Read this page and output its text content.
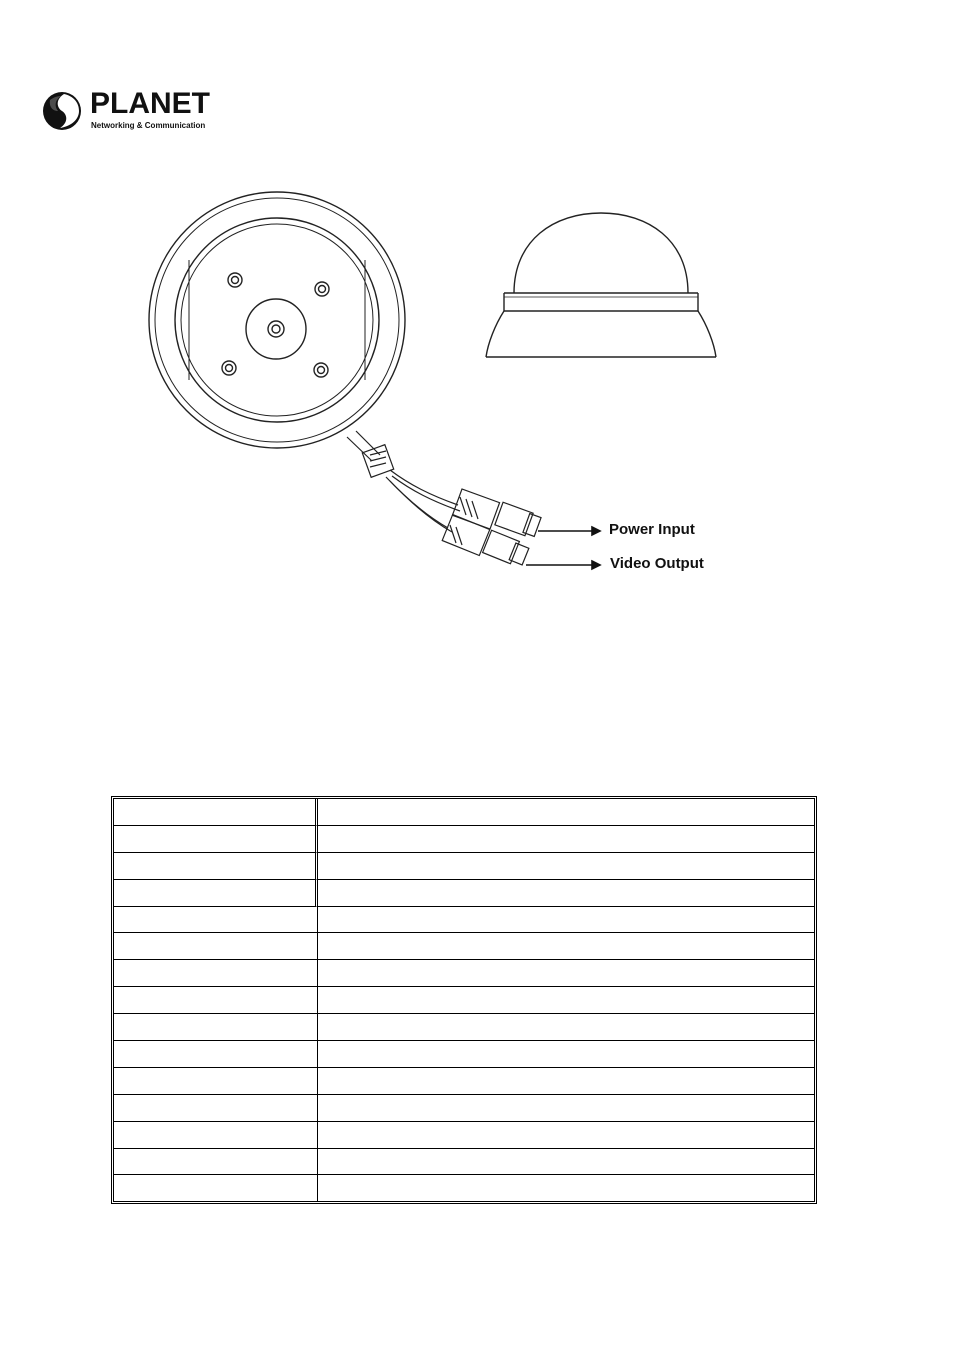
PLANET
Networking & Communication
Power Input
Video Output
